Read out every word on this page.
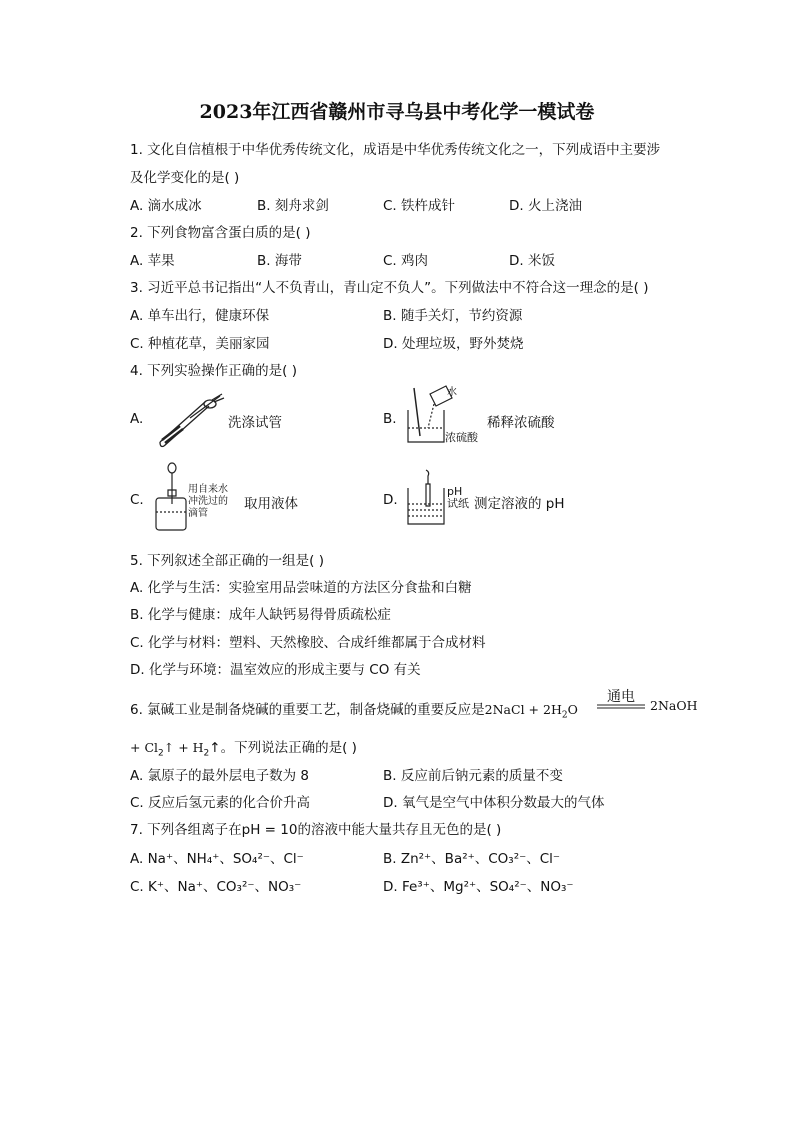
2023年江西省赣州市寻乌县中考化学一模试卷
1. 文化自信植根于中华优秀传统文化，成语是中华优秀传统文化之一，下列成语中主要涉
及化学变化的是( )
A. 滴水成冰	B. 刻舟求剑	C. 铁杵成针	D. 火上浇油
2. 下列食物富含蛋白质的是( )
A. 苹果	B. 海带	C. 鸡肉	D. 米饭
3. 习近平总书记指出“人不负青山，青山定不负人”。下列做法中不符合这一理念的是( )
A. 单车出行，健康环保	B. 随手关灯，节约资源
C. 种植花草，美丽家园	D. 处理垃圾，野外焚烧
4. 下列实验操作正确的是( )
A.	洗涤试管	B.
水
浓硫酸
稀释浓硫酸
C.
用自来水
冲洗过的
滴管
取用液体	D.
pH
试纸 测定溶液的 pH
5. 下列叙述全部正确的一组是( )
A. 化学与生活：实验室用品尝味道的方法区分食盐和白糖
B. 化学与健康：成年人缺钙易得骨质疏松症
C. 化学与材料：塑料、天然橡胶、合成纤维都属于合成材料
D. 化学与环境：温室效应的形成主要与 CO 有关
6. 氯碱工业是制备烧碱的重要工艺，制备烧碱的重要反应是2NaCl + $2H_2O$
通电
2NaOH
+ $Cl_2↑$ + $H_2↑$。下列说法正确的是( )
A. 氯原子的最外层电子数为 8	B. 反应前后钠元素的质量不变
C. 反应后氢元素的化合价升高	D. 氧气是空气中体积分数最大的气体
7. 下列各组离子在pH = 10的溶液中能大量共存且无色的是( )
A. Na⁺、NH₄⁺、SO₄²⁻、Cl⁻	B. Zn²⁺、Ba²⁺、CO₃²⁻、Cl⁻
C. K⁺、Na⁺、CO₃²⁻、NO₃⁻	D. Fe³⁺、Mg²⁺、SO₄²⁻、NO₃⁻
